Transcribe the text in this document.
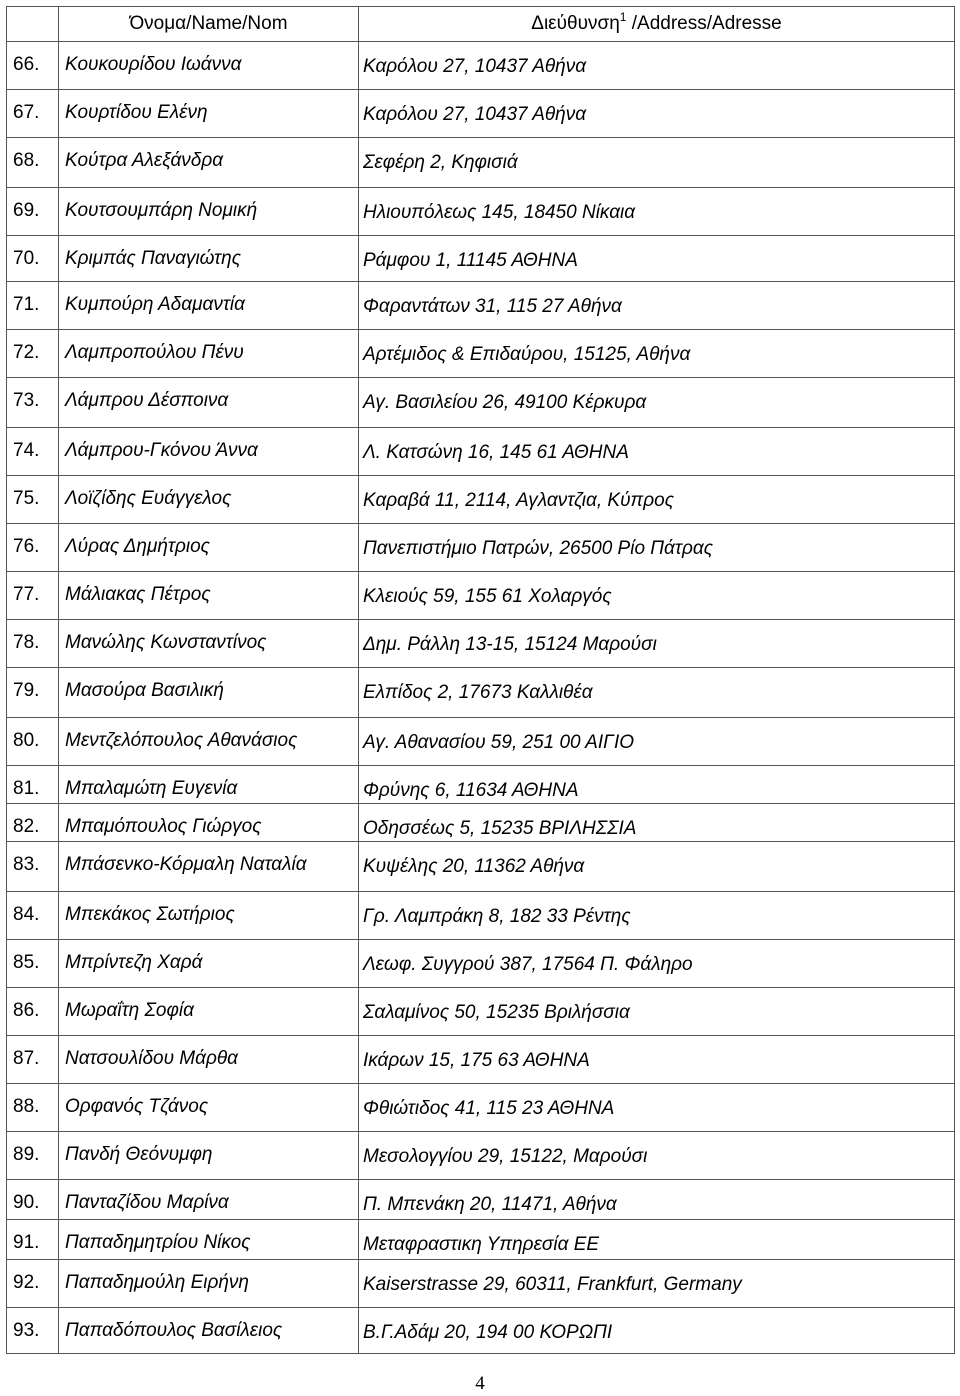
	Όνομα/Name/Nom	Διεύθυνση$^1$ /Address/Adresse
66.	Κουκουρίδου Ιωάννα	Καρόλου 27, 10437 Αθήνα
67.	Κουρτίδου Ελένη	Καρόλου 27, 10437 Αθήνα
68.	Κούτρα Αλεξάνδρα	Σεφέρη 2, Κηφισιά
69.	Κουτσουμπάρη Νομική	Ηλιουπόλεως 145, 18450 Νίκαια
70.	Κριμπάς Παναγιώτης	Ράμφου 1, 11145 ΑΘΗΝΑ
71.	Κυμπούρη Αδαμαντία	Φαραντάτων 31, 115 27 Αθήνα
72.	Λαμπροπούλου Πένυ	Αρτέμιδος & Επιδαύρου, 15125, Αθήνα
73.	Λάμπρου Δέσποινα	Αγ. Βασιλείου 26, 49100 Κέρκυρα
74.	Λάμπρου-Γκόνου Άννα	Λ. Κατσώνη 16, 145 61 ΑΘΗΝΑ
75.	Λοϊζίδης Ευάγγελος	Καραβά 11, 2114, Αγλαντζια, Κύπρος
76.	Λύρας Δημήτριος	Πανεπιστήμιο Πατρών, 26500 Ρίο Πάτρας
77.	Μάλιακας Πέτρος	Κλειούς 59, 155 61 Χολαργός
78.	Μανώλης Κωνσταντίνος	Δημ. Ράλλη 13-15, 15124 Μαρούσι
79.	Μασούρα Βασιλική	Ελπίδος 2, 17673 Καλλιθέα
80.	Μεντζελόπουλος Αθανάσιος	Αγ. Αθανασίου 59, 251 00 ΑΙΓΙΟ
81.	Μπαλαμώτη Ευγενία	Φρύνης 6, 11634 ΑΘΗΝΑ
82.	Μπαμόπουλος Γιώργος	Οδησσέως 5, 15235 ΒΡΙΛΗΣΣΙΑ
83.	Μπάσενκο-Κόρμαλη Ναταλία	Κυψέλης 20, 11362 Αθήνα
84.	Μπεκάκος Σωτήριος	Γρ. Λαμπράκη 8, 182 33 Ρέντης
85.	Μπρίντεζη Χαρά	Λεωφ. Συγγρού 387, 17564 Π. Φάληρο
86.	Μωραΐτη Σοφία	Σαλαμίνος 50, 15235 Βριλήσσια
87.	Νατσουλίδου Μάρθα	Ικάρων 15, 175 63 ΑΘΗΝΑ
88.	Ορφανός Τζάνος	Φθιώτιδος 41, 115 23 ΑΘΗΝΑ
89.	Πανδή Θεόνυμφη	Μεσολογγίου 29, 15122, Μαρούσι
90.	Πανταζίδου Μαρίνα	Π. Μπενάκη 20, 11471, Αθήνα
91.	Παπαδημητρίου Νίκος	Μεταφραστικη Υπηρεσία ΕΕ
92.	Παπαδημούλη Ειρήνη	Kaiserstrasse 29, 60311, Frankfurt, Germany
93.	Παπαδόπουλος Βασίλειος	Β.Γ.Αδάμ 20, 194 00 ΚΟΡΩΠΙ
4
